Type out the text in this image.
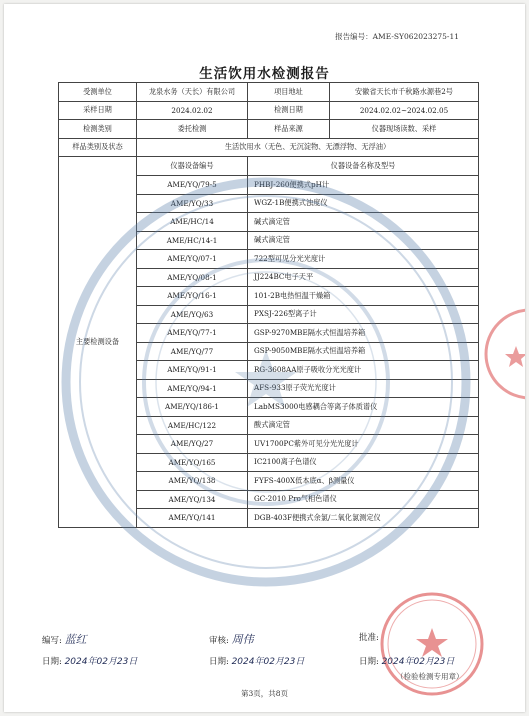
报告编号：AME-SY062023275-11
生活饮用水检测报告
受测单位	龙泉水务（天长）有限公司	项目地址	安徽省天长市千秋路水源巷2号
采样日期	2024.02.02	检测日期	2024.02.02~2024.02.05
检测类别	委托检测	样品来源	仪器现场读数、采样
样品类别及状态	生活饮用水（无色、无沉淀物、无漂浮物、无浮油）		
主要检测设备	仪器设备编号	仪器设备名称及型号	
	AME/YQ/79-5	PHBJ-260便携式pH计	
	AME/YQ/33	WGZ-1B便携式浊度仪	
	AME/HC/14	碱式滴定管	
	AME/HC/14-1	碱式滴定管	
	AME/YQ/07-1	722型可见分光光度计	
	AME/YQ/08-1	JJ224BC电子天平	
	AME/YQ/16-1	101-2B电热恒温干燥箱	
	AME/YQ/63	PXSJ-226型离子计	
	AME/YQ/77-1	GSP-9270MBE隔水式恒温培养箱	
	AME/YQ/77	GSP-9050MBE隔水式恒温培养箱	
	AME/YQ/91-1	RG-3608AA原子吸收分光光度计	
	AME/YQ/94-1	AFS-933原子荧光光度计	
	AME/YQ/186-1	LabMS3000电感耦合等离子体质谱仪	
	AME/HC/122	酸式滴定管	
	AME/YQ/27	UV1700PC紫外可见分光光度计	
	AME/YQ/165	IC2100离子色谱仪	
	AME/YQ/138	FYFS-400X低本底α、β测量仪	
	AME/YQ/134	GC-2010 Pro气相色谱仪	
	AME/YQ/141	DGB-403F便携式余氯/二氧化氯测定仪	
编写: 蓝红	审核: 周伟	批准:
日期: 2024年02月23日	日期: 2024年02月23日	日期: 2024年02月23日
（检验检测专用章）
第3页，共8页
